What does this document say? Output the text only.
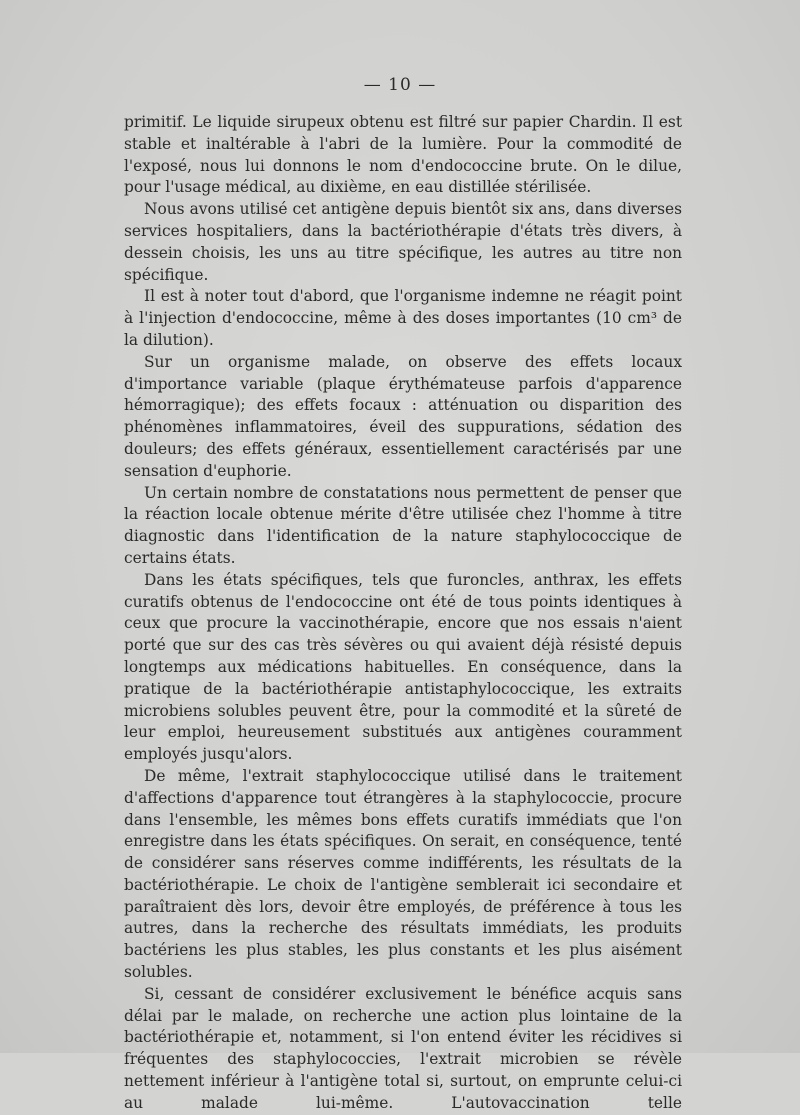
— 10 —

primitif. Le liquide sirupeux obtenu est filtré sur papier Chardin. Il est stable et inaltérable à l'abri de la lumière. Pour la commodité de l'exposé, nous lui donnons le nom d'endococcine brute. On le dilue, pour l'usage médical, au dixième, en eau distillée stérilisée.

Nous avons utilisé cet antigène depuis bientôt six ans, dans diverses services hospitaliers, dans la bactériothérapie d'états très divers, à dessein choisis, les uns au titre spécifique, les autres au titre non spécifique.

Il est à noter tout d'abord, que l'organisme indemne ne réagit point à l'injection d'endococcine, même à des doses importantes (10 cm³ de la dilution).

Sur un organisme malade, on observe des effets locaux d'importance variable (plaque érythémateuse parfois d'apparence hémorragique); des effets focaux : atténuation ou disparition des phénomènes inflammatoires, éveil des suppurations, sédation des douleurs; des effets généraux, essentiellement caractérisés par une sensation d'euphorie.

Un certain nombre de constatations nous permettent de penser que la réaction locale obtenue mérite d'être utilisée chez l'homme à titre diagnostic dans l'identification de la nature staphylococcique de certains états.

Dans les états spécifiques, tels que furoncles, anthrax, les effets curatifs obtenus de l'endococcine ont été de tous points identiques à ceux que procure la vaccinothérapie, encore que nos essais n'aient porté que sur des cas très sévères ou qui avaient déjà résisté depuis longtemps aux médications habituelles. En conséquence, dans la pratique de la bactériothérapie antistaphylococcique, les extraits microbiens solubles peuvent être, pour la commodité et la sûreté de leur emploi, heureusement substitués aux antigènes couramment employés jusqu'alors.

De même, l'extrait staphylococcique utilisé dans le traitement d'affections d'apparence tout étrangères à la staphylococcie, procure dans l'ensemble, les mêmes bons effets curatifs immédiats que l'on enregistre dans les états spécifiques. On serait, en conséquence, tenté de considérer sans réserves comme indifférents, les résultats de la bactériothérapie. Le choix de l'antigène semblerait ici secondaire et paraîtraient dès lors, devoir être employés, de préférence à tous les autres, dans la recherche des résultats immédiats, les produits bactériens les plus stables, les plus constants et les plus aisément solubles.

Si, cessant de considérer exclusivement le bénéfice acquis sans délai par le malade, on recherche une action plus lointaine de la bactériothérapie et, notamment, si l'on entend éviter les récidives si fréquentes des staphylococcies, l'extrait microbien se révèle nettement inférieur à l'antigène total si, surtout, on emprunte celui-ci au malade lui-même. L'autovaccination telle
